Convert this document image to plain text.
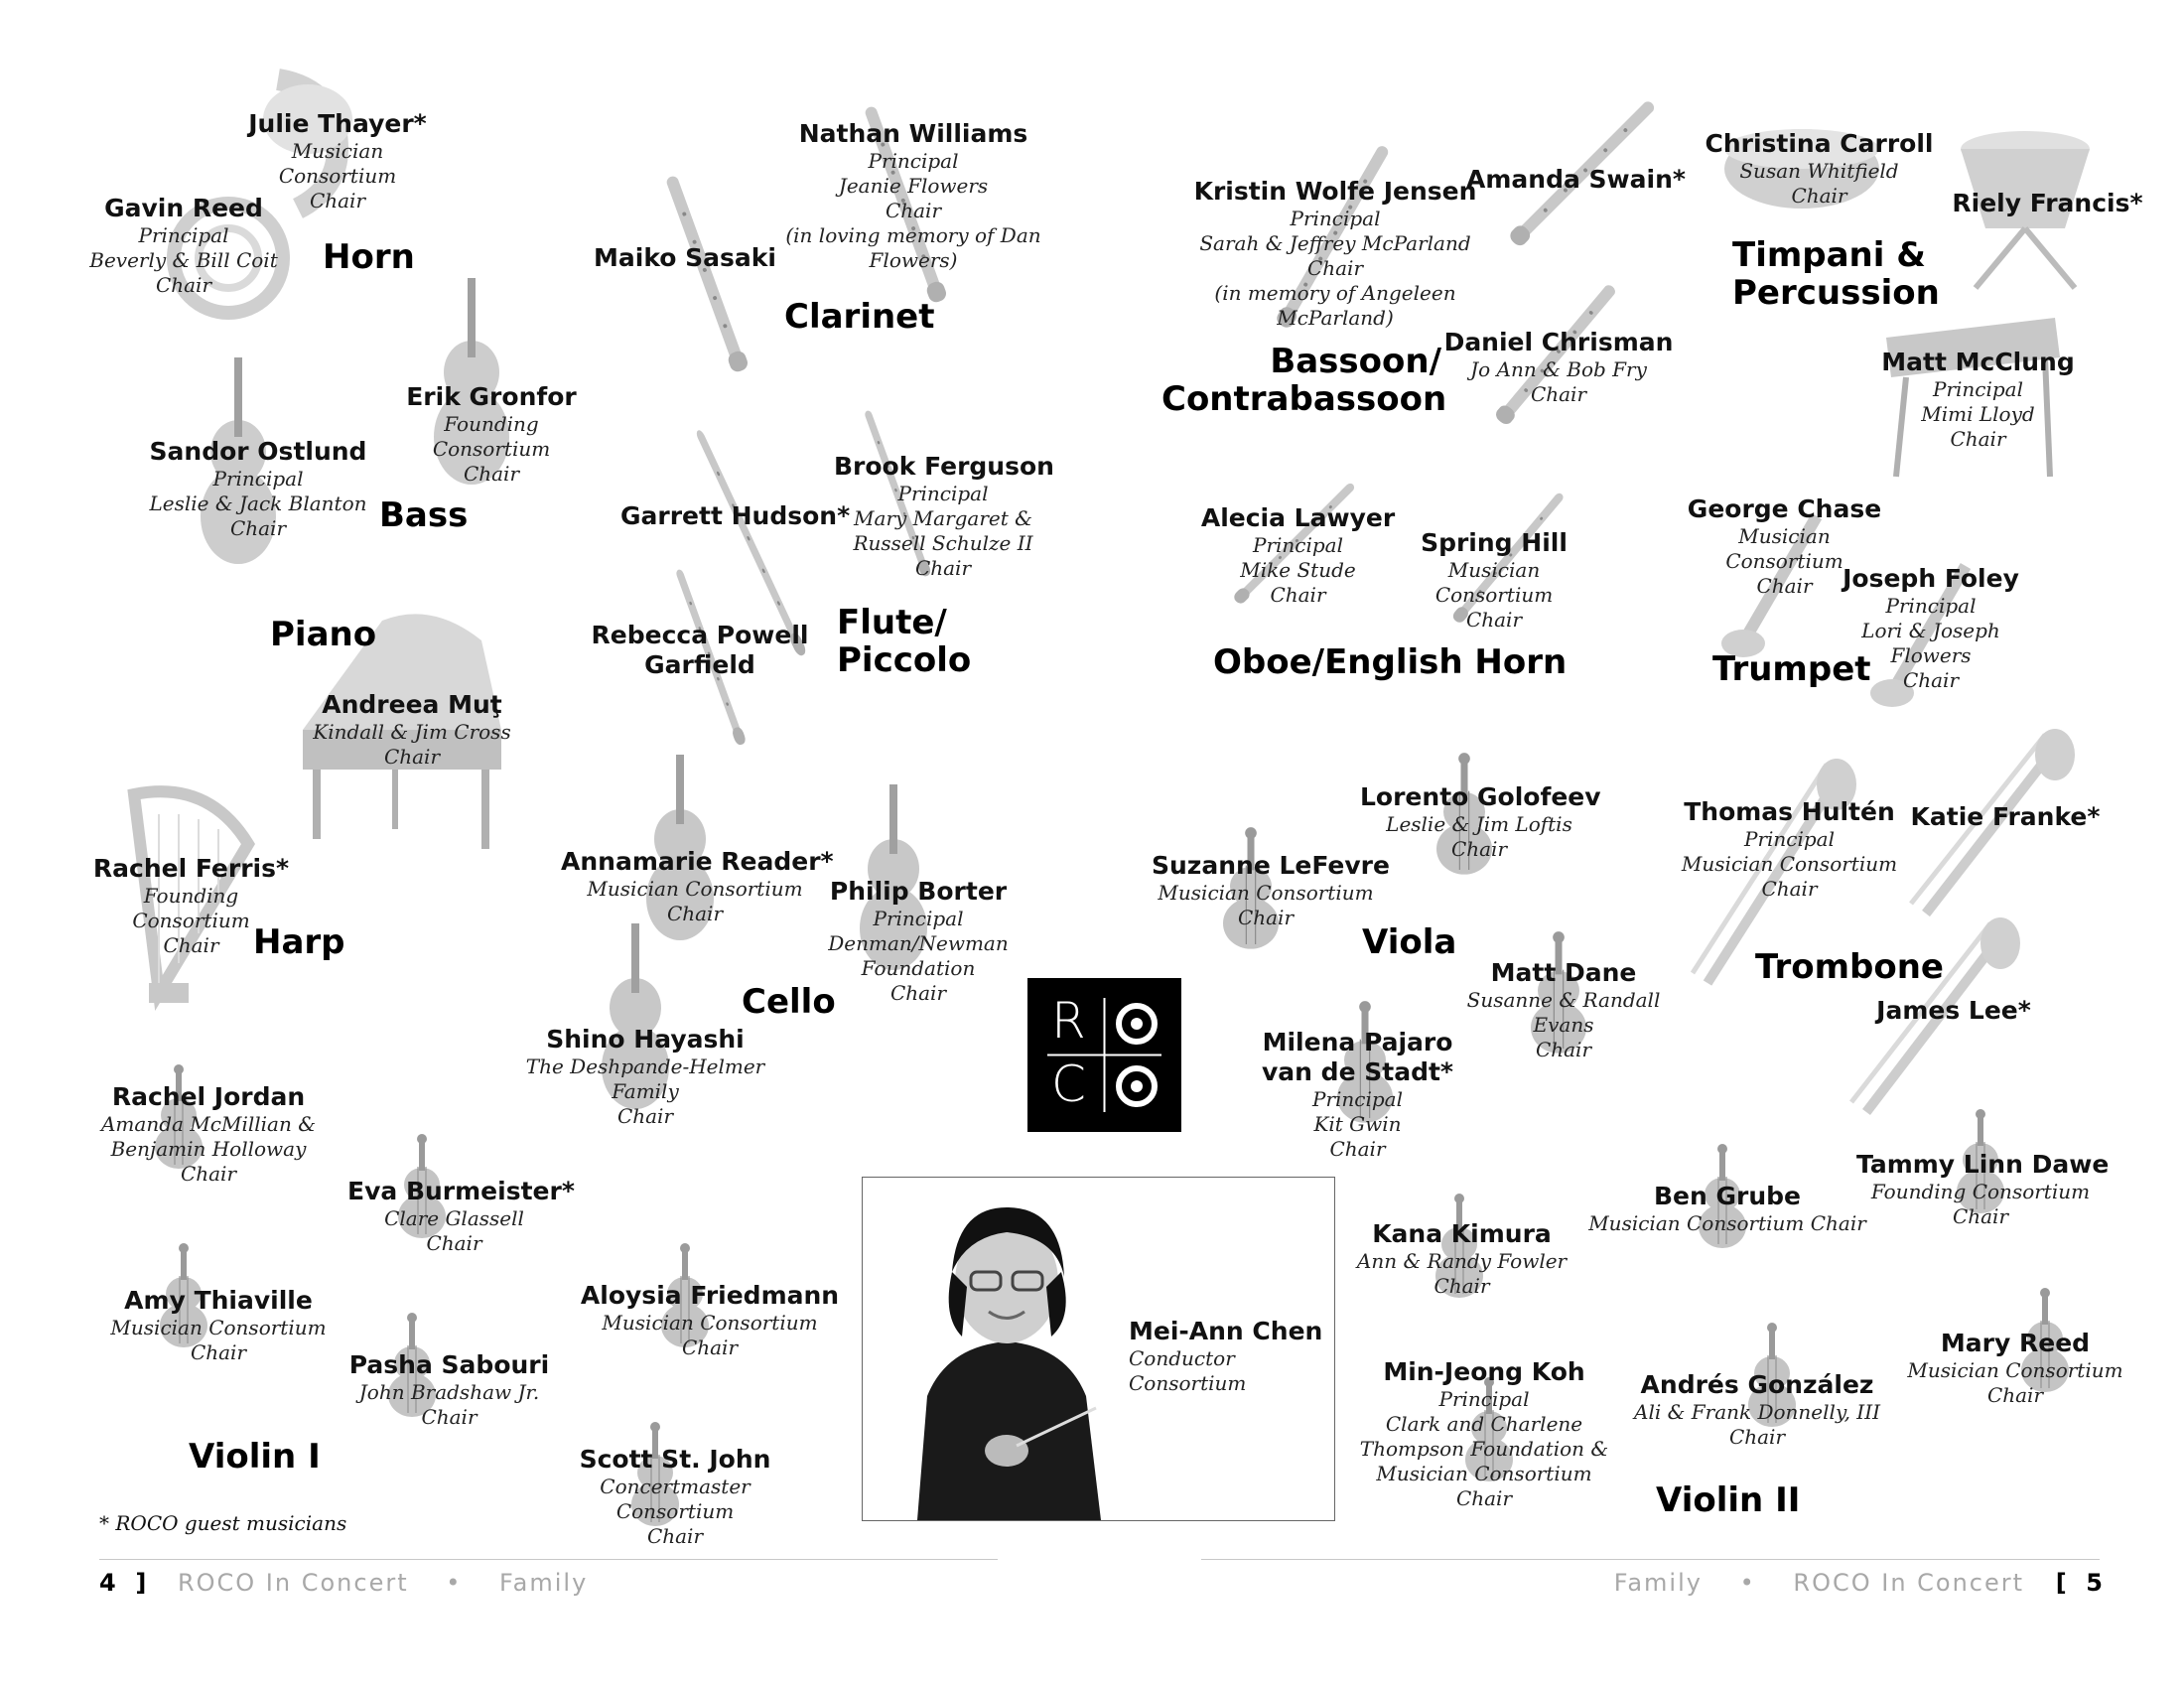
Julie Thayer*
Musician Consortium
Chair
Gavin Reed
Principal
Beverly & Bill Coit Chair
Horn
Erik Gronfor
Founding Consortium
Chair
Sandor Ostlund
Principal
Leslie & Jack Blanton
Chair	Bass
Piano
Andreea Muţ
Kindall & Jim Cross
Chair
Rachel Ferris*
Founding Consortium
Chair	Harp
Rachel Jordan
Amanda McMillian &
Benjamin Holloway
Chair
Eva Burmeister*
Clare Glassell
Chair
Amy Thiaville
Musician Consortium
Chair	Pasha Sabouri
John Bradshaw Jr.
Chair
Aloysia Friedmann
Musician Consortium
Chair
Scott St. John
Concertmaster Consortium
Chair
Violin I
* ROCO guest musicians
Nathan Williams
Principal
Jeanie Flowers
Chair
(in loving memory of Dan
Flowers)
Maiko Sasaki
Clarinet
Garrett Hudson*
Brook Ferguson
Principal
Mary Margaret &
Russell Schulze II
Chair
Rebecca Powell
Garfield
Flute/
Piccolo
Annamarie Reader*
Musician Consortium
Chair
Philip Borter
Principal
Denman/Newman Foundation
Chair
Cello
Shino Hayashi
The Deshpande-Helmer Family
Chair
R
C
Mei-Ann Chen
Conductor
Consortium
Kristin Wolfe Jensen
Principal
Sarah & Jeffrey McParland
Chair
(in memory of Angeleen McParland)
Amanda Swain*
Daniel Chrisman
Jo Ann & Bob Fry
Chair
Bassoon/
Contrabassoon
Alecia Lawyer
Principal
Mike Stude
Chair
Spring Hill
Musician Consortium
Chair
Oboe/English Horn
Christina Carroll
Susan Whitfield
Chair	Riely Francis*
Timpani &
Percussion
Matt McClung
Principal
Mimi Lloyd
Chair
George Chase
Musician Consortium
Chair	Joseph Foley
Principal
Lori & Joseph Flowers
Chair
Trumpet
Lorento Golofeev
Leslie & Jim Loftis
Chair
Suzanne LeFevre
Musician Consortium
Chair
Viola
Matt Dane
Susanne & Randall Evans
Chair
Milena Pajaro
van de Stadt*
Principal
Kit Gwin
Chair
Thomas Hultén
Principal
Musician Consortium
Chair
Katie Franke*
Trombone
James Lee*
Tammy Linn Dawe
Founding Consortium
Chair
Ben Grube
Musician Consortium Chair
Kana Kimura
Ann & Randy Fowler
Chair
Mary Reed
Musician Consortium
Chair
Min-Jeong Koh
Principal
Clark and Charlene
Thompson Foundation &
Musician Consortium
Chair
Andrés González
Ali & Frank Donnelly, III
Chair
Violin II
4 ] ROCO In Concert • Family	Family • ROCO In Concert [ 5
